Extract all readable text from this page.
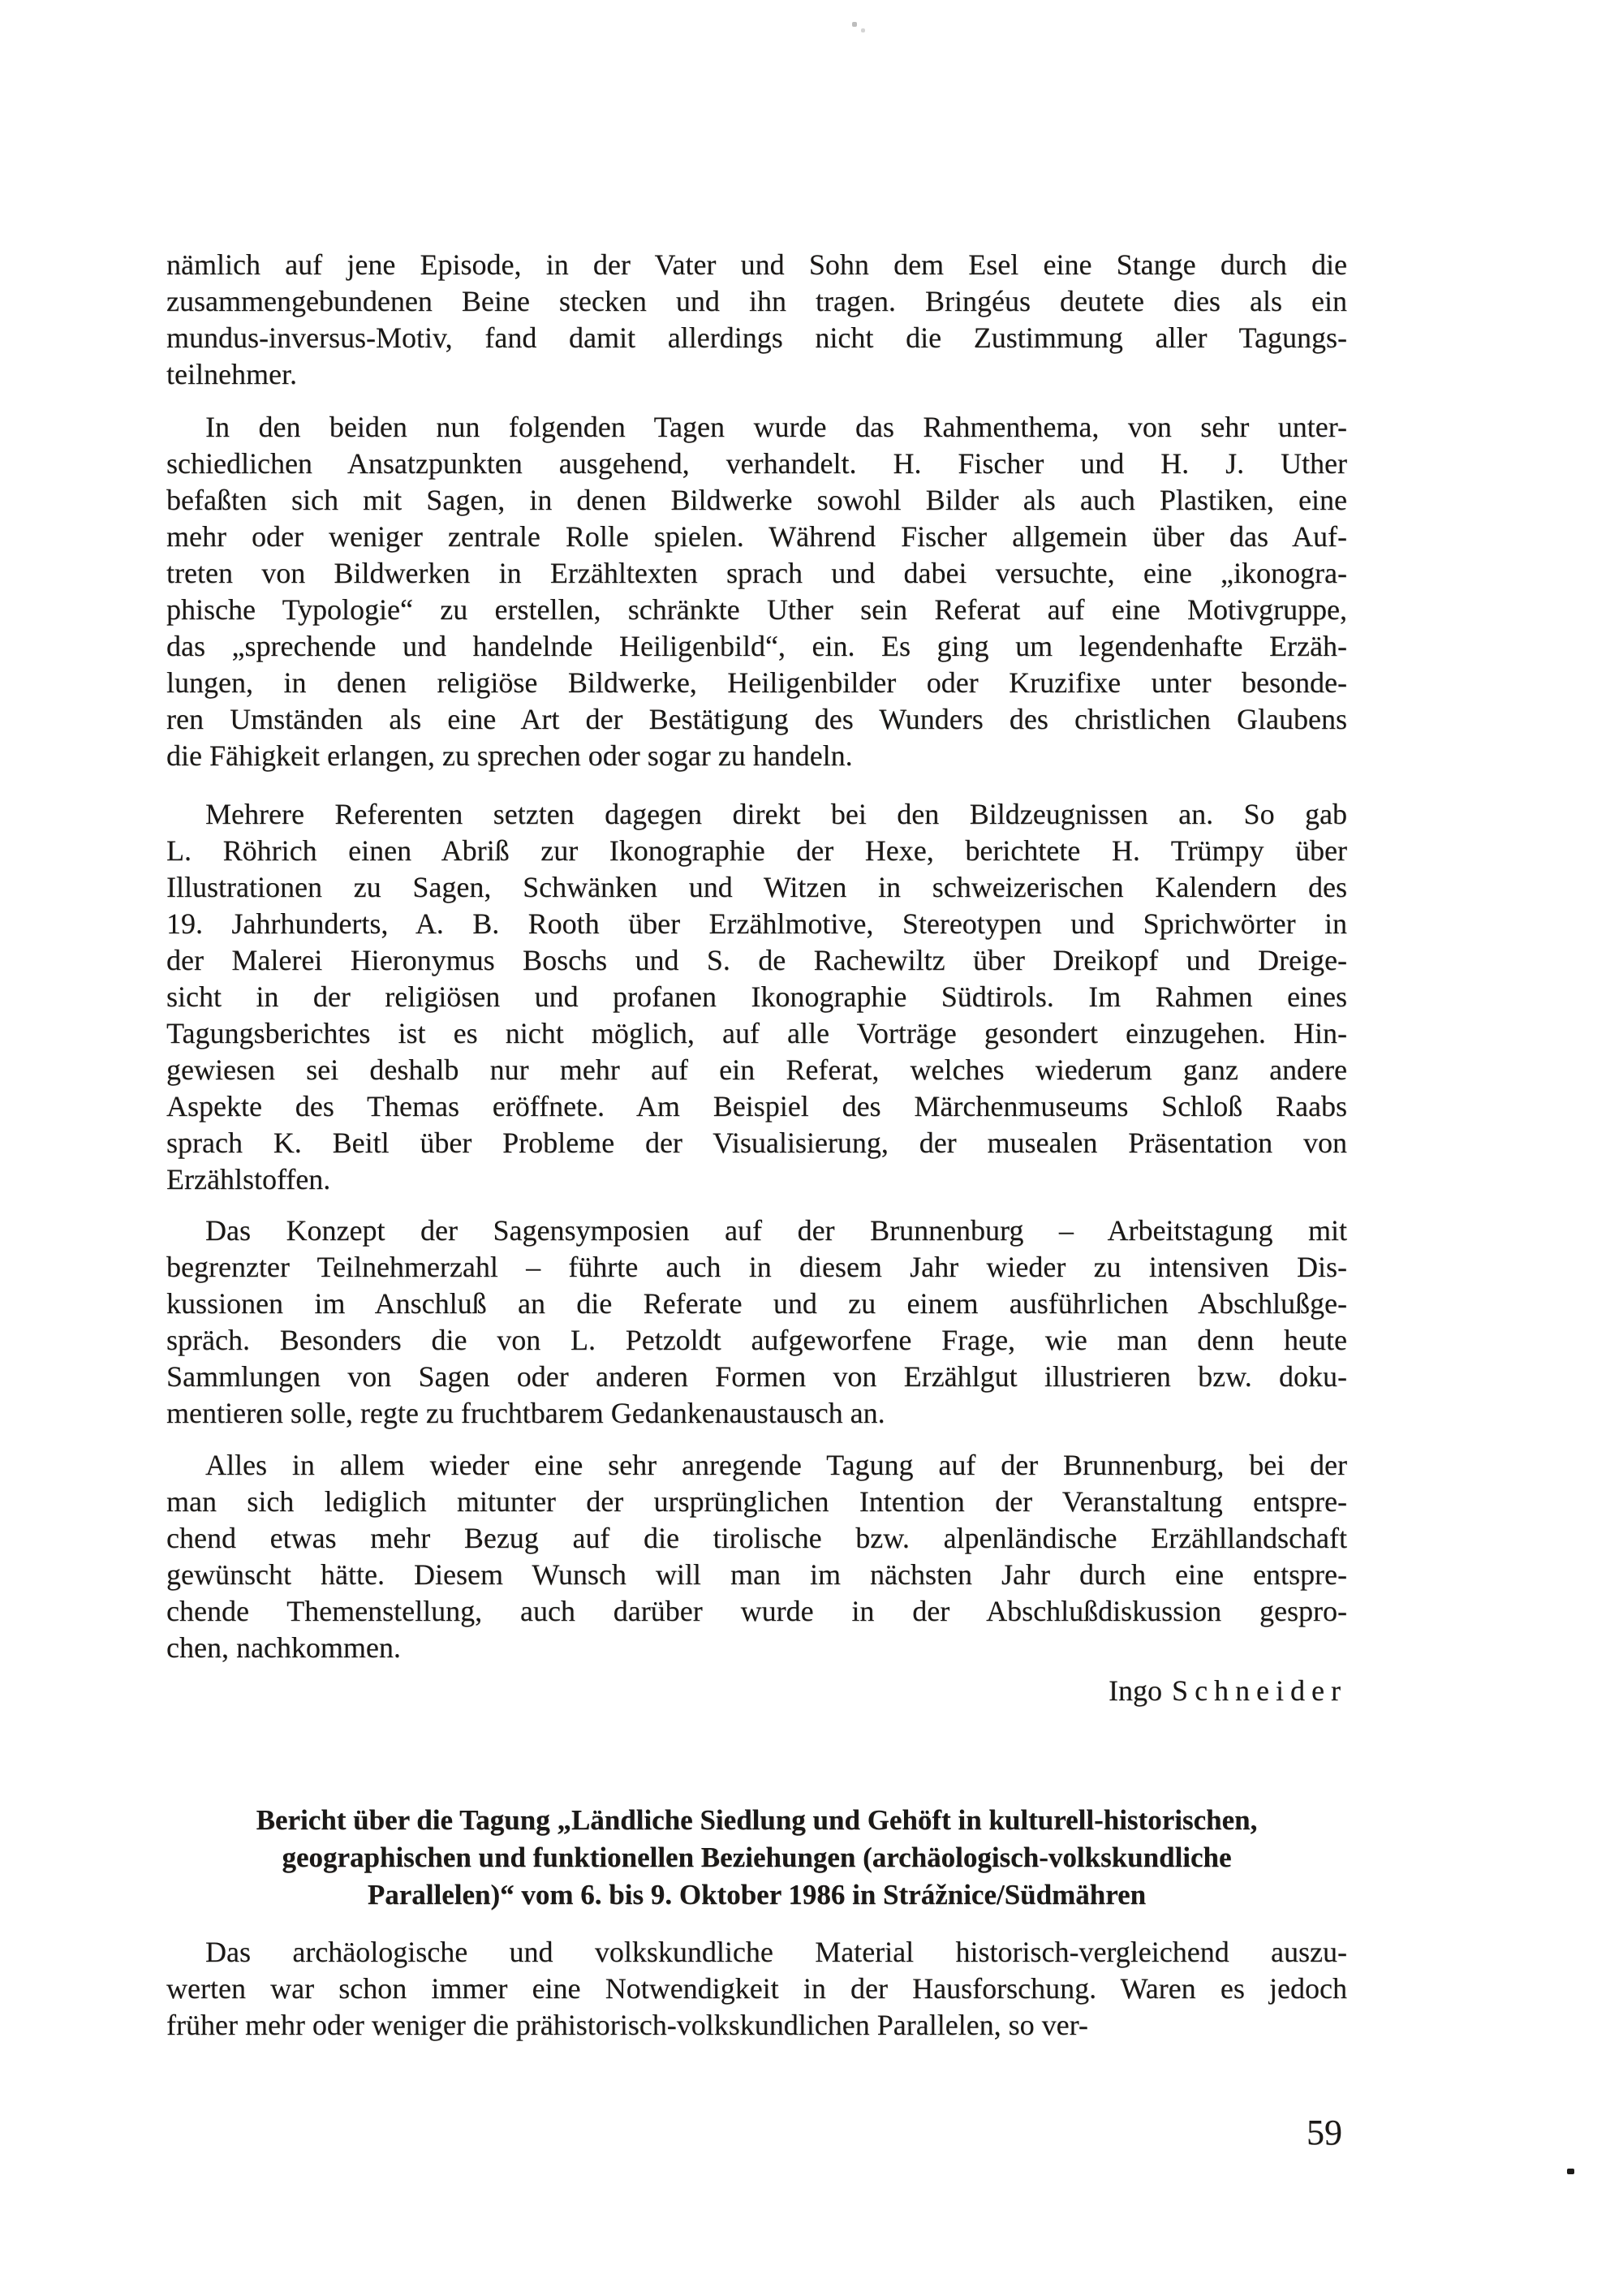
nämlich auf jene Episode, in der Vater und Sohn dem Esel eine Stange durch die
zusammengebundenen Beine stecken und ihn tragen. Bringéus deutete dies als ein
mundus-inversus-Motiv, fand damit allerdings nicht die Zustimmung aller Tagungs-
teilnehmer.
In den beiden nun folgenden Tagen wurde das Rahmenthema, von sehr unter-
schiedlichen Ansatzpunkten ausgehend, verhandelt. H. Fischer und H. J. Uther
befaßten sich mit Sagen, in denen Bildwerke sowohl Bilder als auch Plastiken, eine
mehr oder weniger zentrale Rolle spielen. Während Fischer allgemein über das Auf-
treten von Bildwerken in Erzähltexten sprach und dabei versuchte, eine „ikonogra-
phische Typologie“ zu erstellen, schränkte Uther sein Referat auf eine Motivgruppe,
das „sprechende und handelnde Heiligenbild“, ein. Es ging um legendenhafte Erzäh-
lungen, in denen religiöse Bildwerke, Heiligenbilder oder Kruzifixe unter besonde-
ren Umständen als eine Art der Bestätigung des Wunders des christlichen Glaubens
die Fähigkeit erlangen, zu sprechen oder sogar zu handeln.
Mehrere Referenten setzten dagegen direkt bei den Bildzeugnissen an. So gab
L. Röhrich einen Abriß zur Ikonographie der Hexe, berichtete H. Trümpy über
Illustrationen zu Sagen, Schwänken und Witzen in schweizerischen Kalendern des
19. Jahrhunderts, A. B. Rooth über Erzählmotive, Stereotypen und Sprichwörter in
der Malerei Hieronymus Boschs und S. de Rachewiltz über Dreikopf und Dreige-
sicht in der religiösen und profanen Ikonographie Südtirols. Im Rahmen eines
Tagungsberichtes ist es nicht möglich, auf alle Vorträge gesondert einzugehen. Hin-
gewiesen sei deshalb nur mehr auf ein Referat, welches wiederum ganz andere
Aspekte des Themas eröffnete. Am Beispiel des Märchenmuseums Schloß Raabs
sprach K. Beitl über Probleme der Visualisierung, der musealen Präsentation von
Erzählstoffen.
Das Konzept der Sagensymposien auf der Brunnenburg – Arbeitstagung mit
begrenzter Teilnehmerzahl – führte auch in diesem Jahr wieder zu intensiven Dis-
kussionen im Anschluß an die Referate und zu einem ausführlichen Abschlußge-
spräch. Besonders die von L. Petzoldt aufgeworfene Frage, wie man denn heute
Sammlungen von Sagen oder anderen Formen von Erzählgut illustrieren bzw. doku-
mentieren solle, regte zu fruchtbarem Gedankenaustausch an.
Alles in allem wieder eine sehr anregende Tagung auf der Brunnenburg, bei der
man sich lediglich mitunter der ursprünglichen Intention der Veranstaltung entspre-
chend etwas mehr Bezug auf die tirolische bzw. alpenländische Erzähllandschaft
gewünscht hätte. Diesem Wunsch will man im nächsten Jahr durch eine entspre-
chende Themenstellung, auch darüber wurde in der Abschlußdiskussion gespro-
chen, nachkommen.
Ingo Schneider
Bericht über die Tagung „Ländliche Siedlung und Gehöft in kulturell-historischen,
geographischen und funktionellen Beziehungen (archäologisch-volkskundliche
Parallelen)“ vom 6. bis 9. Oktober 1986 in Strážnice/Südmähren
Das archäologische und volkskundliche Material historisch-vergleichend auszu-
werten war schon immer eine Notwendigkeit in der Hausforschung. Waren es jedoch
früher mehr oder weniger die prähistorisch-volkskundlichen Parallelen, so ver-
59
